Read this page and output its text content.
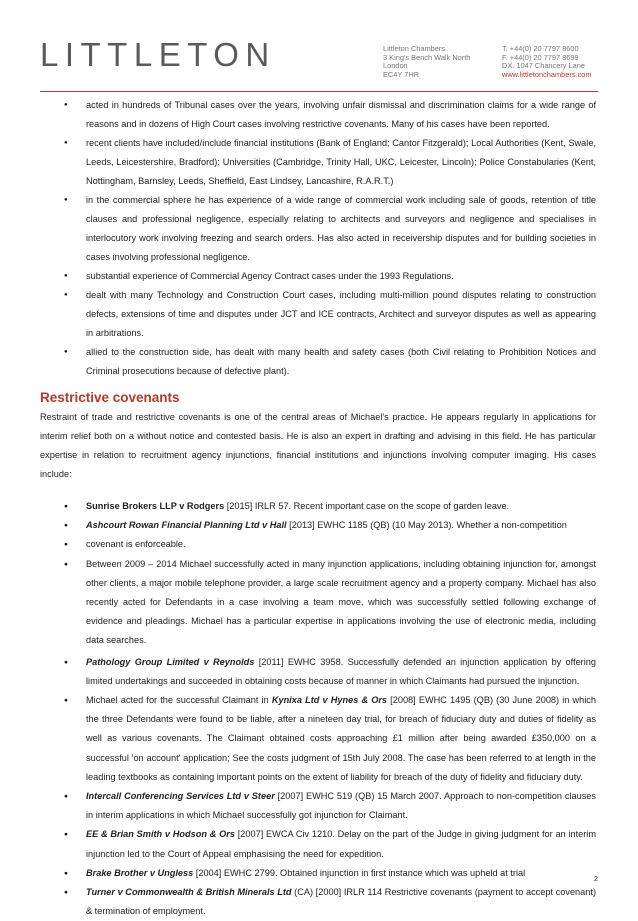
LITTLETON	Littleton Chambers
3 King's Bench Walk North
London
EC4Y 7HR
T. +44(0) 20 7797 8600
F. +44(0) 20 7797 8699
DX. 1047 Chancery Lane
www.littletonchambers.com
● acted in hundreds of Tribunal cases over the years, involving unfair dismissal and discrimination claims for a wide range of reasons and in dozens of High Court cases involving restrictive covenants. Many of his cases have been reported.
● recent clients have included/include financial institutions (Bank of England; Cantor Fitzgerald); Local Authorities (Kent, Swale, Leeds, Leicestershire, Bradford); Universities (Cambridge, Trinity Hall, UKC, Leicester, Lincoln); Police Constabularies (Kent, Nottingham, Barnsley, Leeds, Sheffield, East Lindsey, Lancashire, R.A.R.T.)
● in the commercial sphere he has experience of a wide range of commercial work including sale of goods, retention of title clauses and professional negligence, especially relating to architects and surveyors and negligence and specialises in interlocutory work involving freezing and search orders. Has also acted in receivership disputes and for building societies in cases involving professional negligence.
● substantial experience of Commercial Agency Contract cases under the 1993 Regulations.
● dealt with many Technology and Construction Court cases, including multi-million pound disputes relating to construction defects, extensions of time and disputes under JCT and ICE contracts, Architect and surveyor disputes as well as appearing in arbitrations.
● allied to the construction side, has dealt with many health and safety cases (both Civil relating to Prohibition Notices and Criminal prosecutions because of defective plant).
Restrictive covenants

Restraint of trade and restrictive covenants is one of the central areas of Michael's practice. He appears regularly in applications for interim relief both on a without notice and contested basis. He is also an expert in drafting and advising in this field. He has particular expertise in relation to recruitment agency injunctions, financial institutions and injunctions involving computer imaging. His cases include:

● Sunrise Brokers LLP v Rodgers [2015] IRLR 57. Recent important case on the scope of garden leave.
● Ashcourt Rowan Financial Planning Ltd v Hall [2013] EWHC 1185 (QB) (10 May 2013). Whether a non-competition
● covenant is enforceable.
● Between 2009 – 2014 Michael successfully acted in many injunction applications, including obtaining injunction for, amongst other clients, a major mobile telephone provider, a large scale recruitment agency and a property company. Michael has also recently acted for Defendants in a case involving a team move, which was successfully settled following exchange of evidence and pleadings. Michael has a particular expertise in applications involving the use of electronic media, including data searches.
● Pathology Group Limited v Reynolds [2011] EWHC 3958. Successfully defended an injunction application by offering limited undertakings and succeeded in obtaining costs because of manner in which Claimants had pursued the injunction.
● Michael acted for the successful Claimant in Kynixa Ltd v Hynes & Ors [2008] EWHC 1495 (QB) (30 June 2008) in which the three Defendants were found to be liable, after a nineteen day trial, for breach of fiduciary duty and duties of fidelity as well as various covenants. The Claimant obtained costs approaching £1 million after being awarded £350,000 on a successful 'on account' application; See the costs judgment of 15th July 2008. The case has been referred to at length in the leading textbooks as containing important points on the extent of liability for breach of the duty of fidelity and fiduciary duty.
● Intercall Conferencing Services Ltd v Steer [2007] EWHC 519 (QB) 15 March 2007. Approach to non-competition clauses in interim applications in which Michael successfully got injunction for Claimant.
● EE & Brian Smith v Hodson & Ors [2007] EWCA Civ 1210. Delay on the part of the Judge in giving judgment for an interim injunction led to the Court of Appeal emphasising the need for expedition.
● Brake Brother v Ungless [2004] EWHC 2799. Obtained injunction in first instance which was upheld at trial
● Turner v Commonwealth & British Minerals Ltd (CA) [2000] IRLR 114 Restrictive covenants (payment to accept covenant) & termination of employment.
2
